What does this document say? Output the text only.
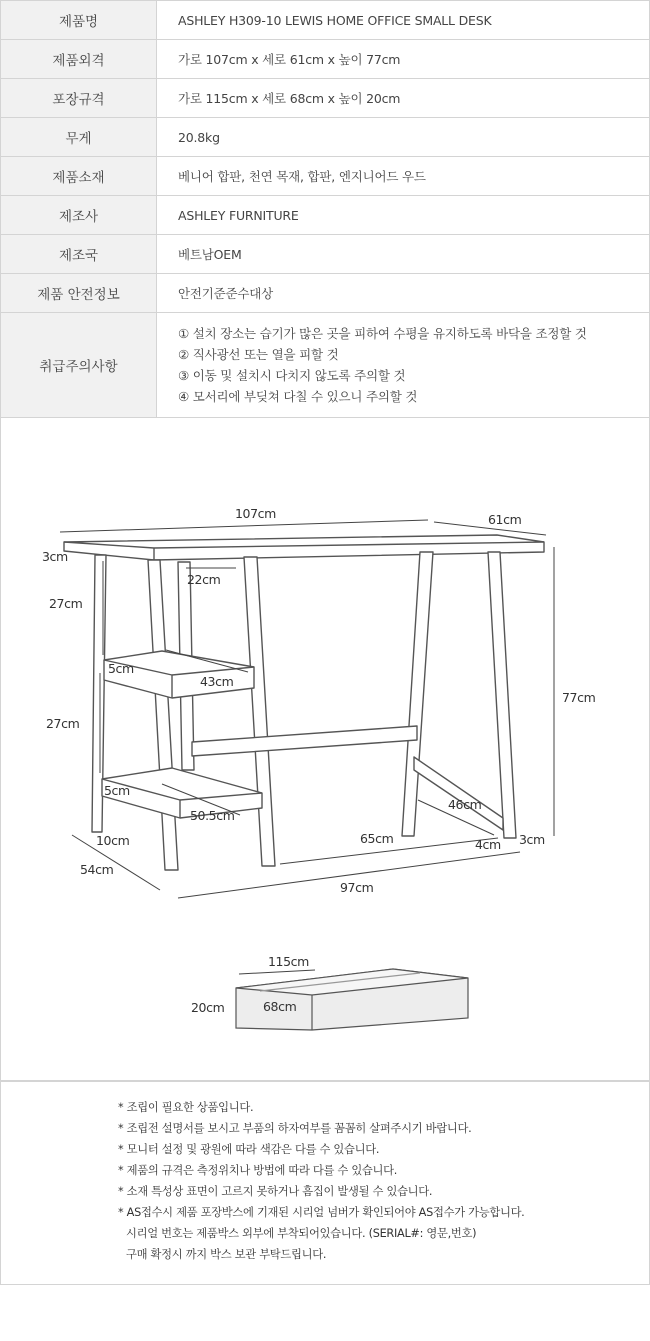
제품명	ASHLEY H309-10 LEWIS HOME OFFICE SMALL DESK
제품외격	가로 107cm x 세로 61cm x 높이 77cm
포장규격	가로 115cm x 세로 68cm x 높이 20cm
무게	20.8kg
제품소재	베니어 합판, 천연 목재, 합판, 엔지니어드 우드
제조사	ASHLEY FURNITURE
제조국	베트남OEM
제품 안전정보	안전기준준수대상
취급주의사항	① 설치 장소는 습기가 많은 곳을 피하여 수평을 유지하도록 바닥을 조정할 것
② 직사광선 또는 열을 피할 것
③ 이동 및 설치시 다치지 않도록 주의할 것
④ 모서리에 부딪쳐 다칠 수 있으니 주의할 것
107cm	61cm
3cm
27cm
22cm
5cm
43cm
27cm
77cm
5cm
50.5cm
46cm
10cm	65cm	4cm 3cm
54cm
97cm
115cm
20cm	68cm
* 조립이 필요한 상품입니다.
* 조립전 설명서를 보시고 부품의 하자여부를 꼼꼼히 살펴주시기 바랍니다.
* 모니터 설정 및 광원에 따라 색감은 다를 수 있습니다.
* 제품의 규격은 측정위치나 방법에 따라 다를 수 있습니다.
* 소재 특성상 표면이 고르지 못하거나 흠집이 발생될 수 있습니다.
* AS접수시 제품 포장박스에 기재된 시리얼 넘버가 확인되어야 AS접수가 가능합니다.
시리얼 번호는 제품박스 외부에 부착되어있습니다. (SERIAL#: 영문,번호)
구매 확정시 까지 박스 보관 부탁드립니다.
